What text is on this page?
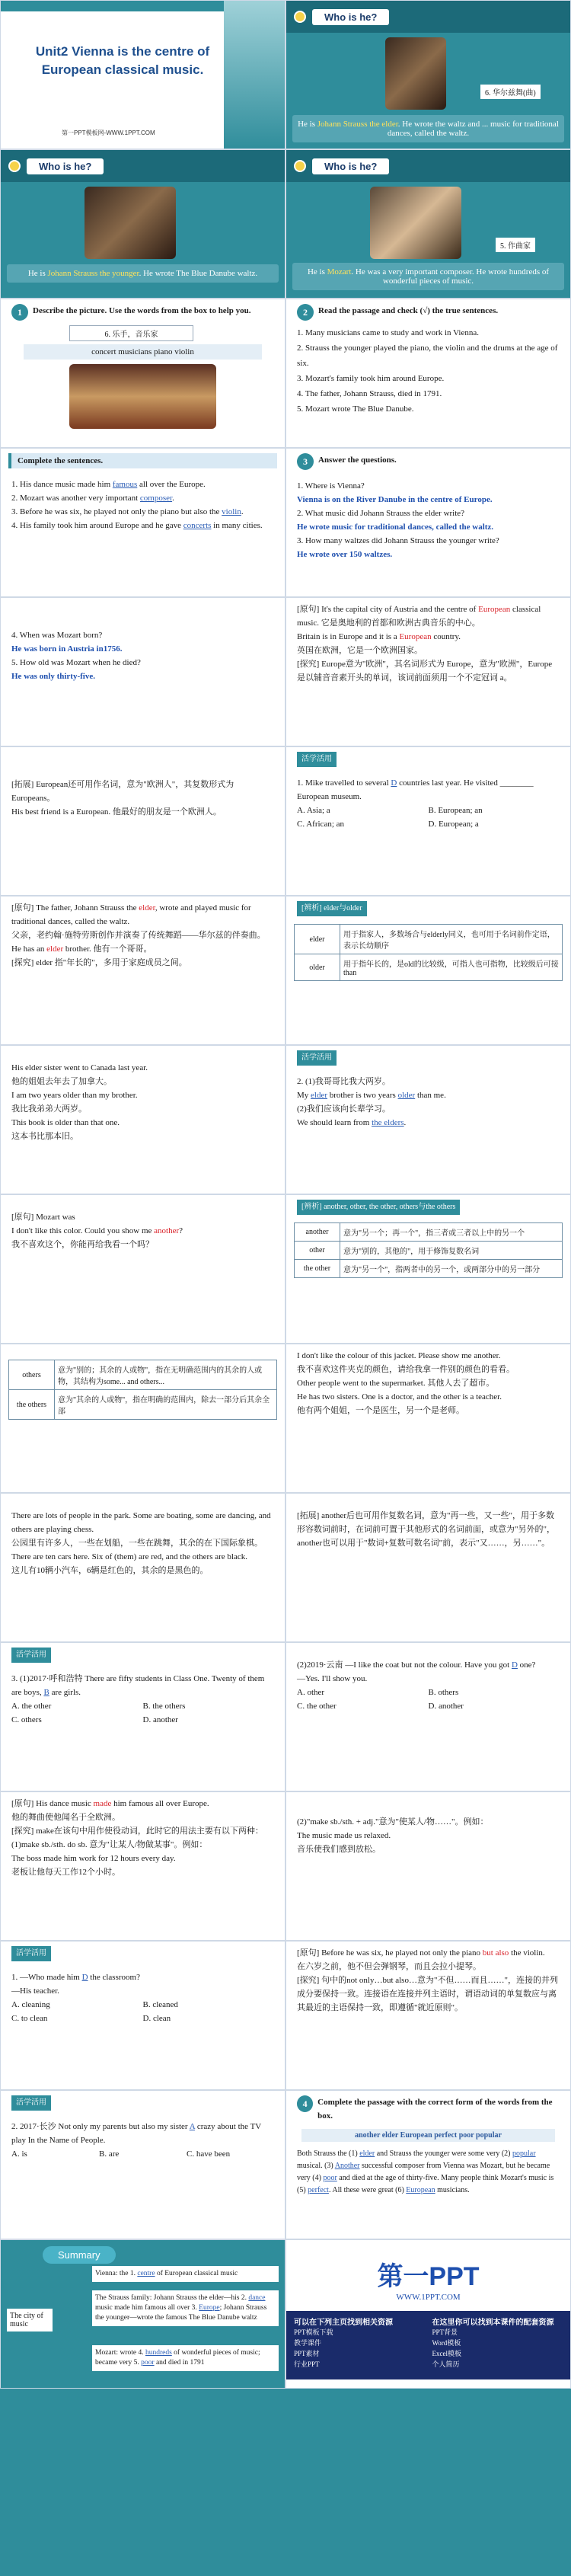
Unit2 Vienna is the centre of European classical music.
第一PPT模板网-WWW.1PPT.COM
Who is he?
6. 华尔兹舞(曲)
He is Johann Strauss the elder. He wrote the waltz and ... music for traditional dances, called the waltz.
Who is he?
He is Johann Strauss the younger. He wrote The Blue Danube waltz.
Who is he?
5. 作曲家
He is Mozart. He was a very important composer. He wrote hundreds of wonderful pieces of music.
1	Describe the picture. Use the words from the box to help you.
6. 乐手，音乐家
concert musicians piano violin
2	Read the passage and check (√) the true sentences.
1. Many musicians came to study and work in Vienna.
2. Strauss the younger played the piano, the violin and the drums at the age of six.
3. Mozart's family took him around Europe.
4. The father, Johann Strauss, died in 1791.
5. Mozart wrote The Blue Danube.
Complete the sentences.

1. His dance music made him famous all over the Europe.

2. Mozart was another very important composer.

3. Before he was six, he played not only the piano but also the violin.

4. His family took him around Europe and he gave concerts in many cities.

3	Answer the questions.

1. Where is Vienna?

Vienna is on the River Danube in the centre of Europe.

2. What music did Johann Strauss the elder write?

He wrote music for traditional dances, called the waltz.

3. How many waltzes did Johann Strauss the younger write?

He wrote over 150 waltzes.

4. When was Mozart born?

He was born in Austria in1756.

5. How old was Mozart when he died?

He was only thirty-five.

[原句] It's the capital city of Austria and the centre of European classical music. 它是奥地利的首都和欧洲古典音乐的中心。

Britain is in Europe and it is a European country.

英国在欧洲，它是一个欧洲国家。

[探究] Europe意为"欧洲"，其名词形式为 Europe，意为"欧洲"，Europe是以辅音音素开头的单词，该词前面须用一个不定冠词 a。

[拓展] European还可用作名词，意为"欧洲人"，其复数形式为 Europeans。

His best friend is a European. 他最好的朋友是一个欧洲人。

活学活用

1. Mike travelled to several D countries last year. He visited ________ European museum.

A. Asia; a	B. European; an
C. African; an	D. European; a

[原句] The father, Johann Strauss the elder, wrote and played music for traditional dances, called the waltz.

父亲，老约翰·施特劳斯创作并演奏了传统舞蹈——华尔兹的伴奏曲。

He has an elder brother. 他有一个哥哥。

[探究] elder 指"年长的"，多用于家庭成员之间。

[辨析] elder与older
elder	用于指家人，多数场合与elderly同义，也可用于名词前作定语，表示长幼顺序
older	用于指年长的，是old的比较级，可指人也可指物，比较级后可接than

His elder sister went to Canada last year.

他的姐姐去年去了加拿大。

I am two years older than my brother.

我比我弟弟大两岁。

This book is older than that one.

这本书比那本旧。

活学活用

2. (1)我哥哥比我大两岁。

My elder brother is two years older than me.

(2)我们应该向长辈学习。

We should learn from the elders.

[原句] Mozart was

I don't like this color. Could you show me another?

我不喜欢这个，你能再给我看一个吗？

[辨析] another, other, the other, others与the others
another	意为"另一个；再一个"，指三者或三者以上中的另一个
other	意为"别的，其他的"，用于修饰复数名词
the other	意为"另一个"，指两者中的另一个，或两部分中的另一部分
others	意为"别的；其余的人或物"，指在无明确范围内的其余的人或物，其结构为some... and others...
the others	意为"其余的人或物"，指在明确的范围内，除去一部分后其余全部

I don't like the colour of this jacket. Please show me another.

我不喜欢这件夹克的颜色，请给我拿一件别的颜色的看看。

Other people went to the supermarket. 其他人去了超市。

He has two sisters. One is a doctor, and the other is a teacher.

他有两个姐姐，一个是医生，另一个是老师。

There are lots of people in the park. Some are boating, some are dancing, and others are playing chess.

公园里有许多人，一些在划船，一些在跳舞，其余的在下国际象棋。

There are ten cars here. Six of (them) are red, and the others are black.

这儿有10辆小汽车，6辆是红色的，其余的是黑色的。

[拓展] another后也可用作复数名词，意为"再一些，又一些"，用于多数形容数词前时，在词前可置于其他形式的名词前面，或意为"另外的"，another也可以用于"数词+复数可数名词"前，表示"又……，另……"。

活学活用

3. (1)2017·呼和浩特 There are fifty students in Class One. Twenty of them are boys, B are girls.

A. the other	B. the others
C. others	D. another

(2)2019·云南 —I like the coat but not the colour. Have you got D one?

—Yes. I'll show you.

A. other	B. others
C. the other	D. another

[原句] His dance music made him famous all over Europe.

他的舞曲使他闻名于全欧洲。

[探究] make在该句中用作使役动词，此时它的用法主要有以下两种：(1)make sb./sth. do sb. 意为"让某人/物做某事"。例如：

The boss made him work for 12 hours every day.

老板让他每天工作12个小时。

(2)"make sb./sth. + adj."意为"使某人/物……"。例如：

The music made us relaxed.

音乐使我们感到放松。

活学活用

1. —Who made him D the classroom?

—His teacher.

A. cleaning	B. cleaned
C. to clean	D. clean

[原句] Before he was six, he played not only the piano but also the violin.

在六岁之前，他不但会弹钢琴，而且会拉小提琴。

[探究] 句中的not only…but also…意为"不但……而且……"，连接的并列成分要保持一致。连接语在连接并列主语时，谓语动词的单复数应与离其最近的主语保持一致，即遵循"就近原则"。

活学活用

2. 2017·长沙 Not only my parents but also my sister A crazy about the TV play In the Name of People.

A. is	B. are	C. have been
4	Complete the passage with the correct form of the words from the box.
another elder European perfect poor popular
Both Strauss the (1) elder and Strauss the younger were some very (2) popular musical. (3) Another successful composer from Vienna was Mozart, but he became very (4) poor and died at the age of thirty-five. Many people think Mozart's music is (5) perfect. All these were great (6) European musicians.
Summary
The city of music
Vienna: the 1. centre of European classical music
The Strauss family: Johann Strauss the elder—his 2. dance music made him famous all over 3. Europe; Johann Strauss the younger—wrote the famous The Blue Danube waltz
Mozart: wrote 4. hundreds of wonderful pieces of music; became very 5. poor and died in 1791
第一PPT
WWW.1PPT.COM
可以在下列主页找到相关资源
PPT模板下载
教学课件
PPT素材
行业PPT
在这里你可以找到本课件的配套资源
PPT背景
Word模板
Excel模板
个人简历
